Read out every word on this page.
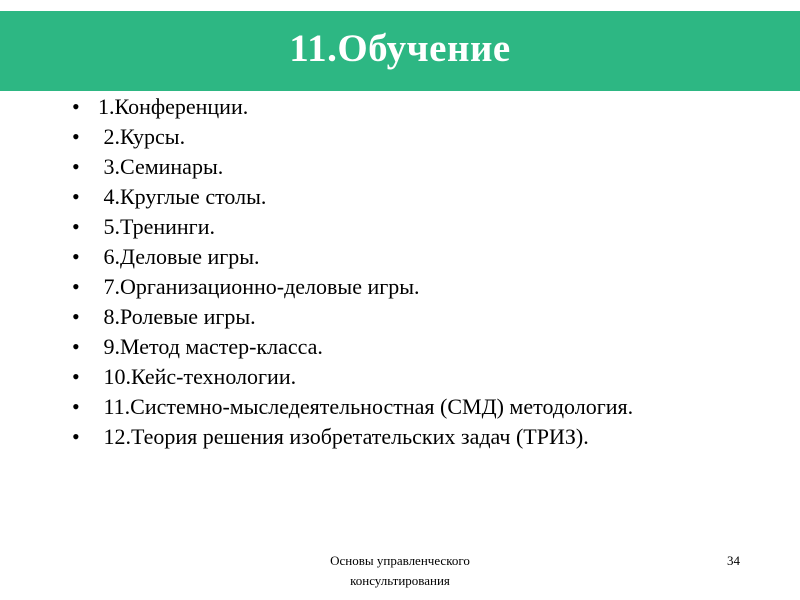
11.Обучение
• 1.Конференции.
• 2.Курсы.
• 3.Семинары.
• 4.Круглые столы.
• 5.Тренинги.
• 6.Деловые игры.
• 7.Организационно-деловые игры.
• 8.Ролевые игры.
• 9.Метод мастер-класса.
• 10.Кейс-технологии.
• 11.Системно-мыследеятельностная (СМД) методология.
• 12.Теория решения изобретательских задач (ТРИЗ).
Основы управленческого консультирования
34
